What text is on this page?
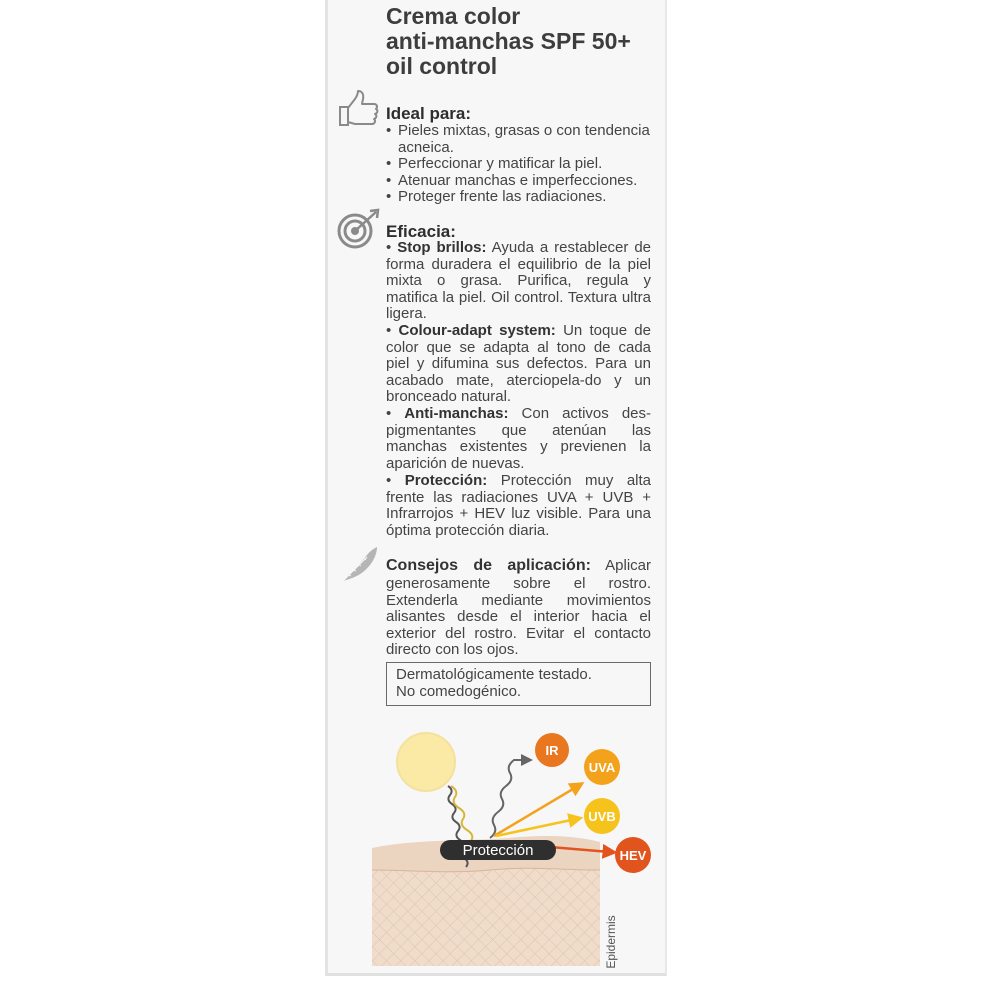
Crema color
anti-manchas SPF 50+
oil control
Ideal para:
• Pieles mixtas, grasas o con tendencia acneica.
• Perfeccionar y matificar la piel.
• Atenuar manchas e imperfecciones.
• Proteger frente las radiaciones.
Eficacia:

• Stop brillos: Ayuda a restablecer de forma duradera el equilibrio de la piel mixta o grasa. Purifica, regula y matifica la piel. Oil control. Textura ultra ligera.

• Colour-adapt system: Un toque de color que se adapta al tono de cada piel y difumina sus defectos. Para un acabado mate, aterciopela-do y un bronceado natural.

• Anti-manchas: Con activos des-pigmentantes que atenúan las manchas existentes y previenen la aparición de nuevas.

• Protección: Protección muy alta frente las radiaciones UVA + UVB + Infrarrojos + HEV luz visible. Para una óptima protección diaria.

Consejos de aplicación: Aplicar generosamente sobre el rostro. Extenderla mediante movimientos alisantes desde el interior hacia el exterior del rostro. Evitar el contacto directo con los ojos.

Dermatológicamente testado.
No comedogénico.
Protección
IR
UVA
UVB
HEV
Epidermis
